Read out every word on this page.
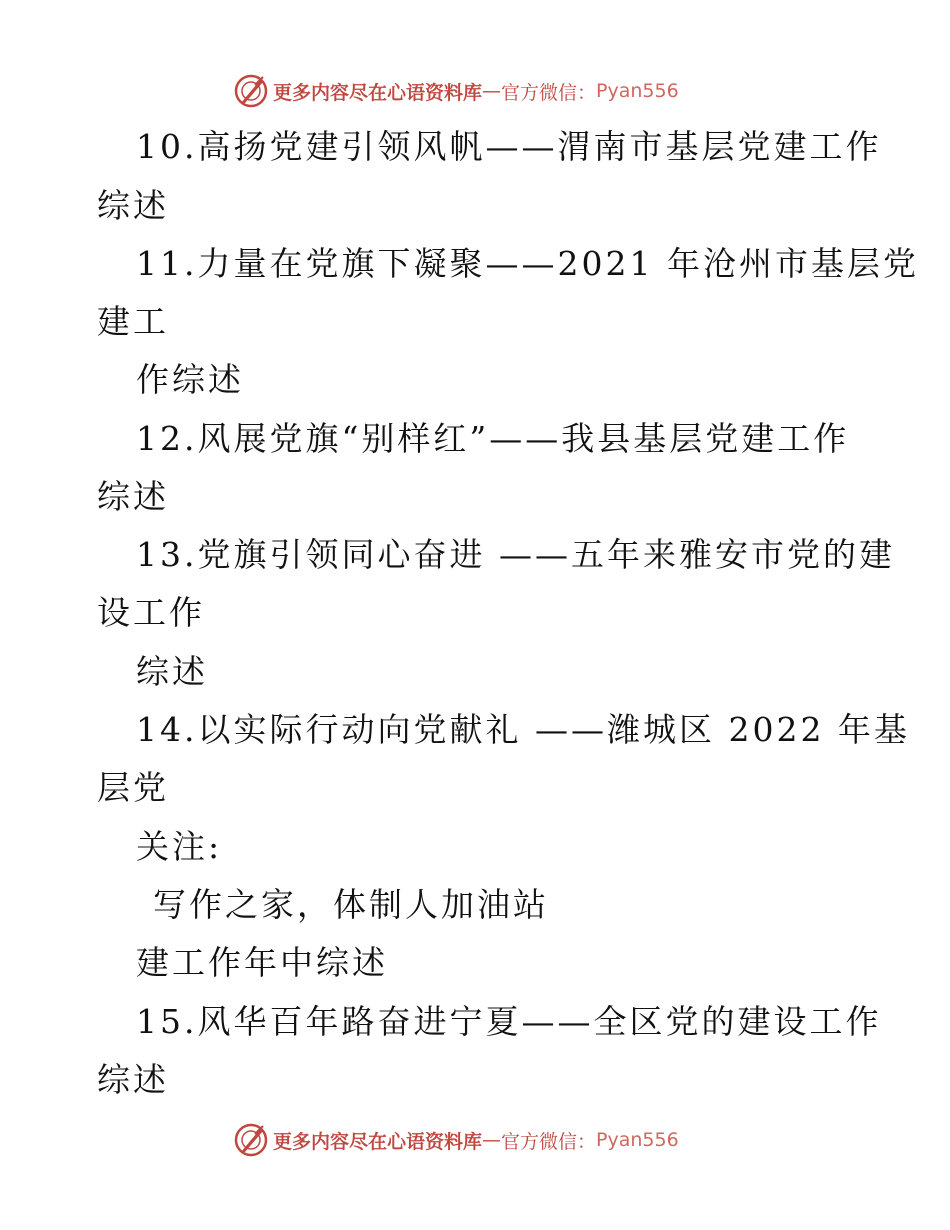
更多内容尽在心语资料库 — 官方微信： Pyan556
10.高扬党建引领风帆——渭南市基层党建工作
综述
11.力量在党旗下凝聚——2021 年沧州市基层党
建工
作综述
12.风展党旗“别样红”——我县基层党建工作
综述
13.党旗引领同心奋进 ——五年来雅安市党的建
设工作
综述
14.以实际行动向党献礼 ——潍城区 2022 年基
层党
关注:
写作之家，体制人加油站
建工作年中综述
15.风华百年路奋进宁夏——全区党的建设工作
综述
更多内容尽在心语资料库 — 官方微信： Pyan556
